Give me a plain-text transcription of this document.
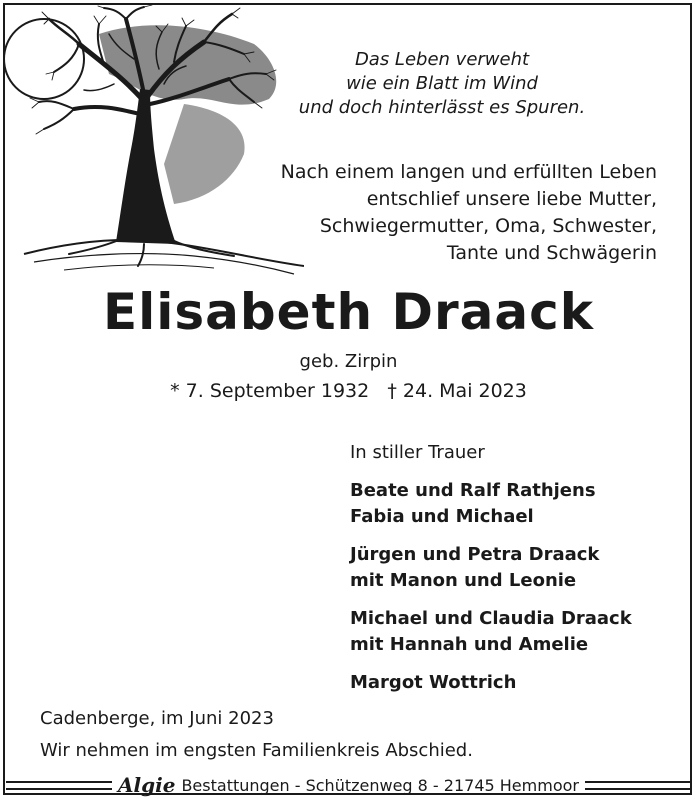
Das Leben verweht
wie ein Blatt im Wind
und doch hinterlässt es Spuren.
Nach einem langen und erfüllten Leben
entschlief unsere liebe Mutter,
Schwiegermutter, Oma, Schwester,
Tante und Schwägerin
Elisabeth Draack
geb. Zirpin
* 7. September 1932 † 24. Mai 2023
In stiller Trauer
Beate und Ralf Rathjens
Fabia und Michael
Jürgen und Petra Draack
mit Manon und Leonie
Michael und Claudia Draack
mit Hannah und Amelie
Margot Wottrich
Cadenberge, im Juni 2023
Wir nehmen im engsten Familienkreis Abschied.
Algie Bestattungen - Schützenweg 8 - 21745 Hemmoor
